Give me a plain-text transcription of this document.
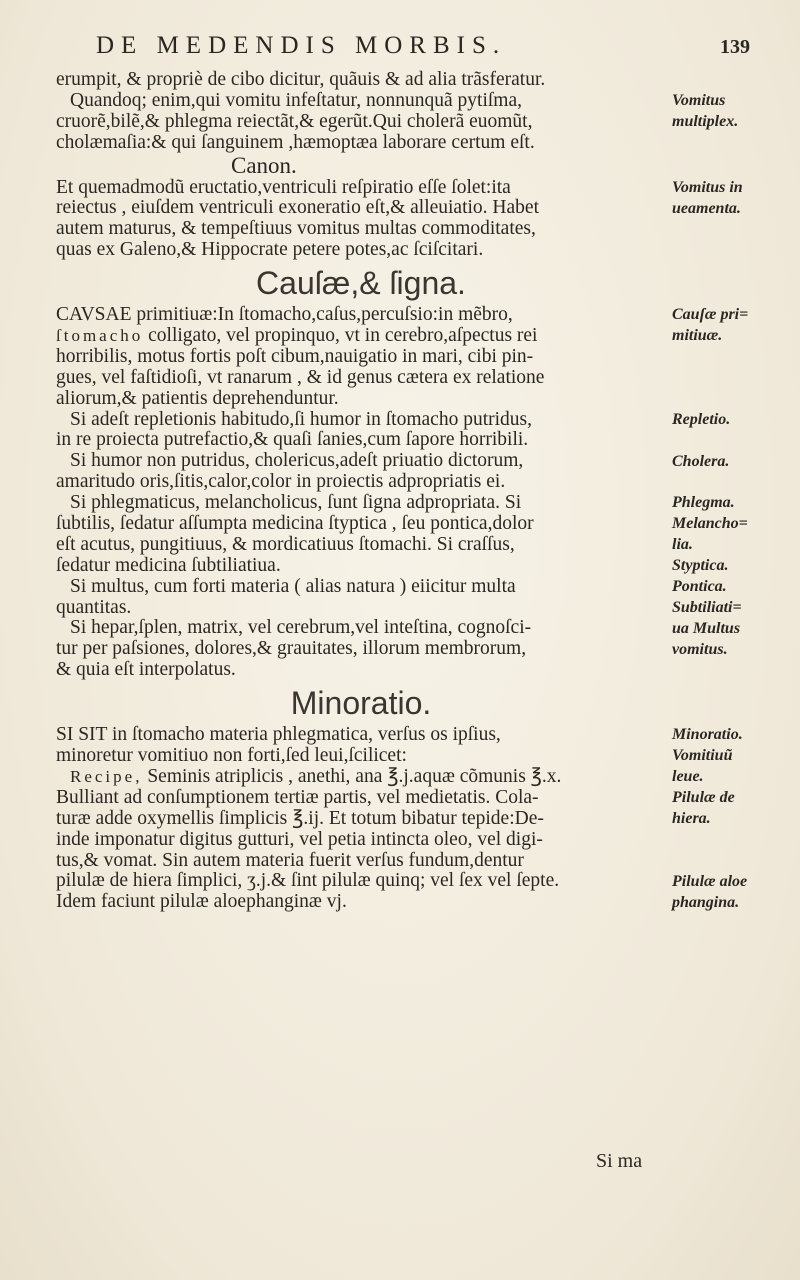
DE MEDENDIS MORBIS.	139
erumpit, & propriè de cibo dicitur, quãuis & ad alia trãsferatur.
Quandoq; enim,qui vomitu infeſtatur, nonnunquã pytiſma,
cruorẽ,bilẽ,& phlegma reiectãt,& egerũt.Qui cholerã euomũt,
cholæmaſia:& qui ſanguinem ,hæmoptæa laborare certum eſt.
Canon.
Et quemadmodũ eructatio,ventriculi reſpiratio eſſe ſolet:ita
reiectus , eiuſdem ventriculi exoneratio eſt,& alleuiatio. Habet
autem maturus, & tempeſtiuus vomitus multas commoditates,
quas ex Galeno,& Hippocrate petere potes,ac ſciſcitari.
Cauſæ,& ſigna.
CAVSAE primitiuæ:In ſtomacho,caſus,percuſsio:in mẽbro,
ſtomacho colligato, vel propinquo, vt in cerebro,aſpectus rei
horribilis, motus fortis poſt cibum,nauigatio in mari, cibi pin-
gues, vel faſtidioſi, vt ranarum , & id genus cætera ex relatione
aliorum,& patientis deprehenduntur.
Si adeſt repletionis habitudo,ſi humor in ſtomacho putridus,
in re proiecta putrefactio,& quaſi ſanies,cum ſapore horribili.
Si humor non putridus, cholericus,adeſt priuatio dictorum,
amaritudo oris,ſitis,calor,color in proiectis adpropriatis ei.
Si phlegmaticus, melancholicus, ſunt ſigna adpropriata. Si
ſubtilis, ſedatur aſſumpta medicina ſtyptica , ſeu pontica,dolor
eſt acutus, pungitiuus, & mordicatiuus ſtomachi. Si craſſus,
ſedatur medicina ſubtiliatiua.
Si multus, cum forti materia ( alias natura ) eiicitur multa
quantitas.
Si hepar,ſplen, matrix, vel cerebrum,vel inteſtina, cognoſci-
tur per paſsiones, dolores,& grauitates, illorum membrorum,
& quia eſt interpolatus.
Minoratio.
SI SIT in ſtomacho materia phlegmatica, verſus os ipſius,
minoretur vomitiuo non forti,ſed leui,ſcilicet:
Recipe, Seminis atriplicis , anethi, ana ℥.j.aquæ cõmunis ℥.x.
Bulliant ad conſumptionem tertiæ partis, vel medietatis. Cola-
turæ adde oxymellis ſimplicis ℥.ij. Et totum bibatur tepide:De-
inde imponatur digitus gutturi, vel petia intincta oleo, vel digi-
tus,& vomat. Sin autem materia fuerit verſus fundum,dentur
pilulæ de hiera ſimplici, ʒ.j.& ſint pilulæ quinq; vel ſex vel ſepte.
Idem faciunt pilulæ aloephanginæ vj.
Vomitus
multiplex.
Vomitus in
ueamenta.
Cauſæ pri=
mitiuæ.
Repletio.
Cholera.
Phlegma.
Melancho=
lia.
Styptica.
Pontica.
Subtiliati=
ua Multus
vomitus.
Minoratio.
Vomitiuũ
leue.
Pilulæ de
hiera.
Pilulæ aloe
phangina.
Si ma
